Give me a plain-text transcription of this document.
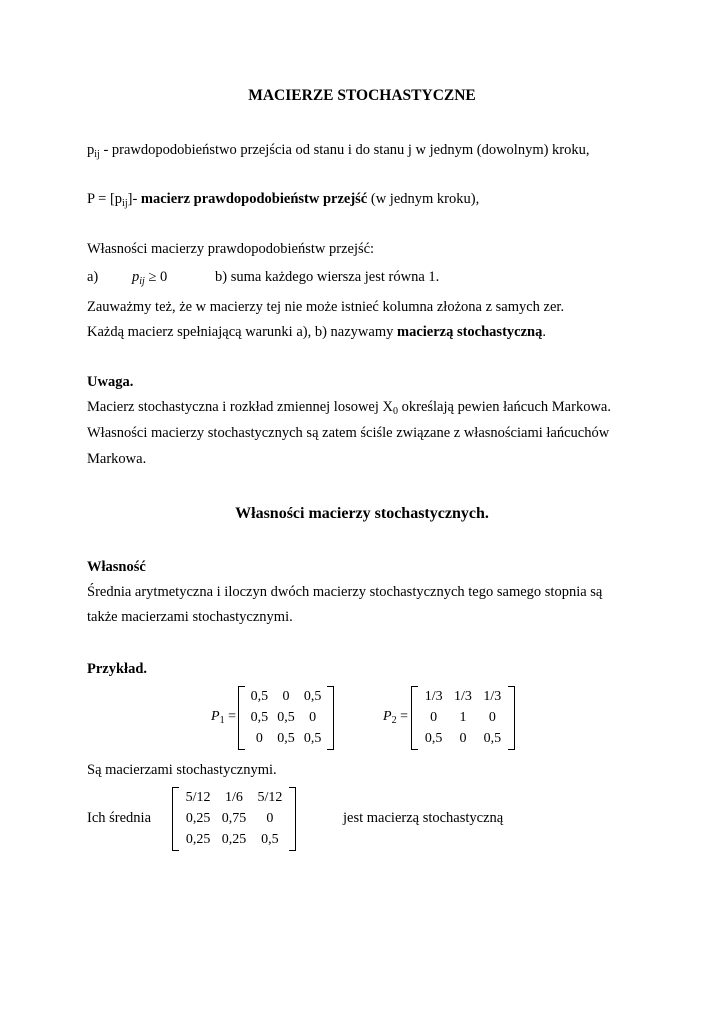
MACIERZE STOCHASTYCZNE
$p_{ij}$ - prawdopodobieństwo przejścia od stanu i do stanu j w jednym (dowolnym) kroku,
$P = [p_{ij}]-$ macierz prawdopodobieństw przejść (w jednym kroku),
Własności macierzy prawdopodobieństw przejść:
a) $p_{ij} \ge 0$	b) suma każdego wiersza jest równa 1.
Zauważmy też, że w macierzy tej nie może istnieć kolumna złożona z samych zer.
Każdą macierz spełniającą warunki a), b) nazywamy macierzą stochastyczną.
Uwaga.
Macierz stochastyczna i rozkład zmiennej losowej $X_0$ określają pewien łańcuch Markowa.
Własności macierzy stochastycznych są zatem ściśle związane z własnościami łańcuchów
Markowa.
Własności macierzy stochastycznych.
Własność
Średnia arytmetyczna i iloczyn dwóch macierzy stochastycznych tego samego stopnia są
także macierzami stochastycznymi.
Przykład.
$P_1$ =
0,5	0	0,5
0,5	0,5	0
0	0,5	0,5
$P_2$ =
1/3	1/3	1/3
0	1	0
0,5	0	0,5
Są macierzami stochastycznymi.
Ich średnia
5/12	1/6	5/12
0,25	0,75	0
0,25	0,25	0,5
jest macierzą stochastyczną
